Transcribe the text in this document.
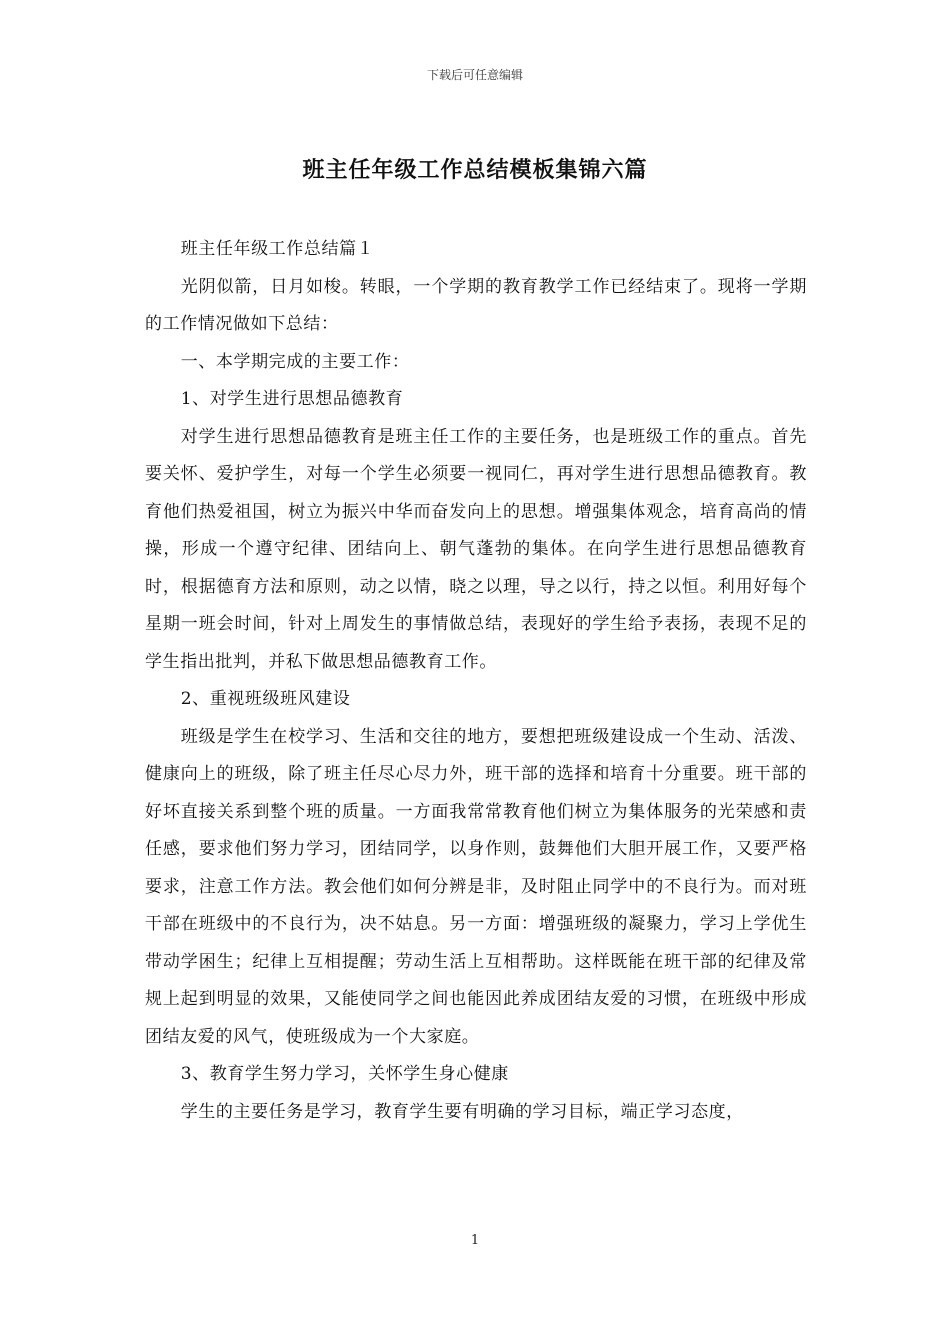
下载后可任意编辑
班主任年级工作总结模板集锦六篇

班主任年级工作总结篇１

光阴似箭，日月如梭。转眼，一个学期的教育教学工作已经结束了。现将一学期的工作情况做如下总结：

一、本学期完成的主要工作：

1、对学生进行思想品德教育

对学生进行思想品德教育是班主任工作的主要任务，也是班级工作的重点。首先要关怀、爱护学生，对每一个学生必须要一视同仁，再对学生进行思想品德教育。教育他们热爱祖国，树立为振兴中华而奋发向上的思想。增强集体观念，培育高尚的情操，形成一个遵守纪律、团结向上、朝气蓬勃的集体。在向学生进行思想品德教育时，根据德育方法和原则，动之以情，晓之以理，导之以行，持之以恒。利用好每个星期一班会时间，针对上周发生的事情做总结，表现好的学生给予表扬，表现不足的学生指出批判，并私下做思想品德教育工作。

2、重视班级班风建设

班级是学生在校学习、生活和交往的地方，要想把班级建设成一个生动、活泼、健康向上的班级，除了班主任尽心尽力外，班干部的选择和培育十分重要。班干部的好坏直接关系到整个班的质量。一方面我常常教育他们树立为集体服务的光荣感和责任感，要求他们努力学习，团结同学，以身作则，鼓舞他们大胆开展工作，又要严格要求，注意工作方法。教会他们如何分辨是非，及时阻止同学中的不良行为。而对班干部在班级中的不良行为，决不姑息。另一方面：增强班级的凝聚力，学习上学优生带动学困生；纪律上互相提醒；劳动生活上互相帮助。这样既能在班干部的纪律及常规上起到明显的效果，又能使同学之间也能因此养成团结友爱的习惯，在班级中形成团结友爱的风气，使班级成为一个大家庭。

3、教育学生努力学习，关怀学生身心健康

学生的主要任务是学习，教育学生要有明确的学习目标，端正学习态度，

1
